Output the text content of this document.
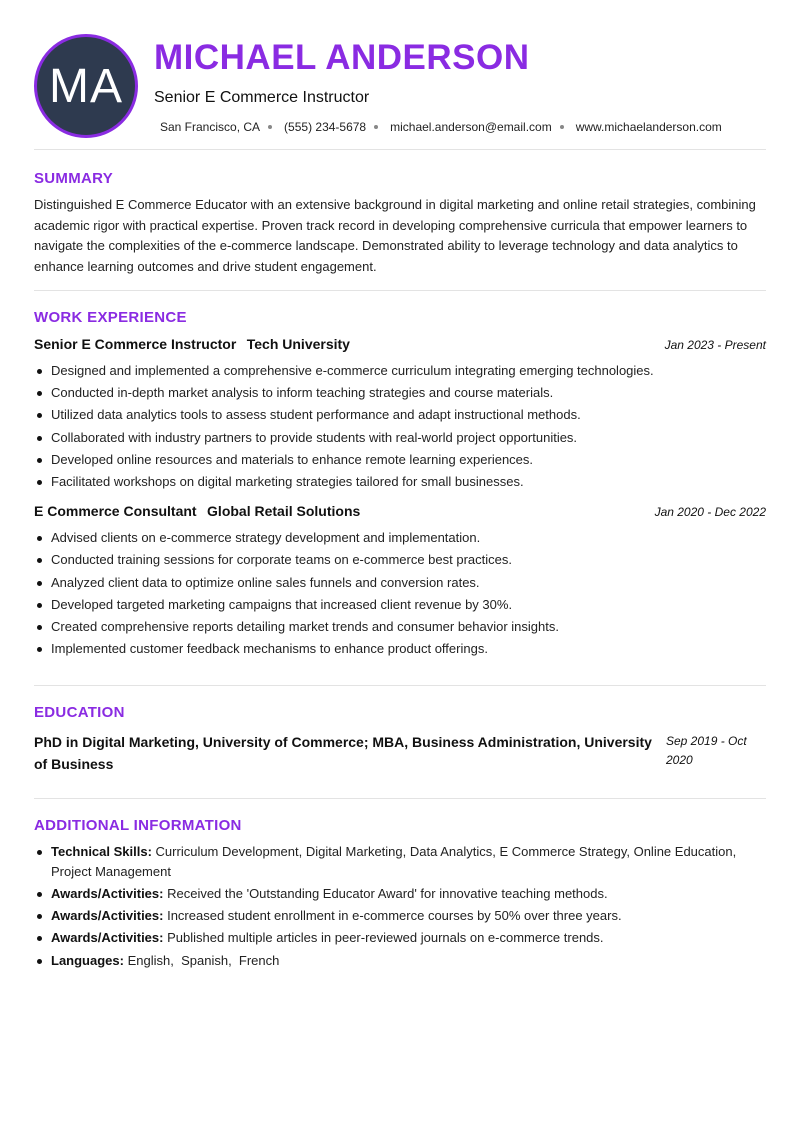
MA
MICHAEL ANDERSON
Senior E Commerce Instructor
San Francisco, CA (555) 234-5678 michael.anderson@email.com www.michaelanderson.com
SUMMARY

Distinguished E Commerce Educator with an extensive background in digital marketing and online retail strategies, combining academic rigor with practical expertise. Proven track record in developing comprehensive curricula that empower learners to navigate the complexities of the e-commerce landscape. Demonstrated ability to leverage technology and data analytics to enhance learning outcomes and drive student engagement.

WORK EXPERIENCE
Senior E Commerce Instructor Tech University	Jan 2023 - Present
Designed and implemented a comprehensive e-commerce curriculum integrating emerging technologies.
Conducted in-depth market analysis to inform teaching strategies and course materials.
Utilized data analytics tools to assess student performance and adapt instructional methods.
Collaborated with industry partners to provide students with real-world project opportunities.
Developed online resources and materials to enhance remote learning experiences.
Facilitated workshops on digital marketing strategies tailored for small businesses.
E Commerce Consultant Global Retail Solutions	Jan 2020 - Dec 2022
Advised clients on e-commerce strategy development and implementation.
Conducted training sessions for corporate teams on e-commerce best practices.
Analyzed client data to optimize online sales funnels and conversion rates.
Developed targeted marketing campaigns that increased client revenue by 30%.
Created comprehensive reports detailing market trends and consumer behavior insights.
Implemented customer feedback mechanisms to enhance product offerings.
EDUCATION
PhD in Digital Marketing, University of Commerce; MBA, Business Administration, University of Business
Sep 2019 - Oct 2020
ADDITIONAL INFORMATION
Technical Skills: Curriculum Development, Digital Marketing, Data Analytics, E Commerce Strategy, Online Education, Project Management
Awards/Activities: Received the 'Outstanding Educator Award' for innovative teaching methods.
Awards/Activities: Increased student enrollment in e-commerce courses by 50% over three years.
Awards/Activities: Published multiple articles in peer-reviewed journals on e-commerce trends.
Languages: English,  Spanish,  French
